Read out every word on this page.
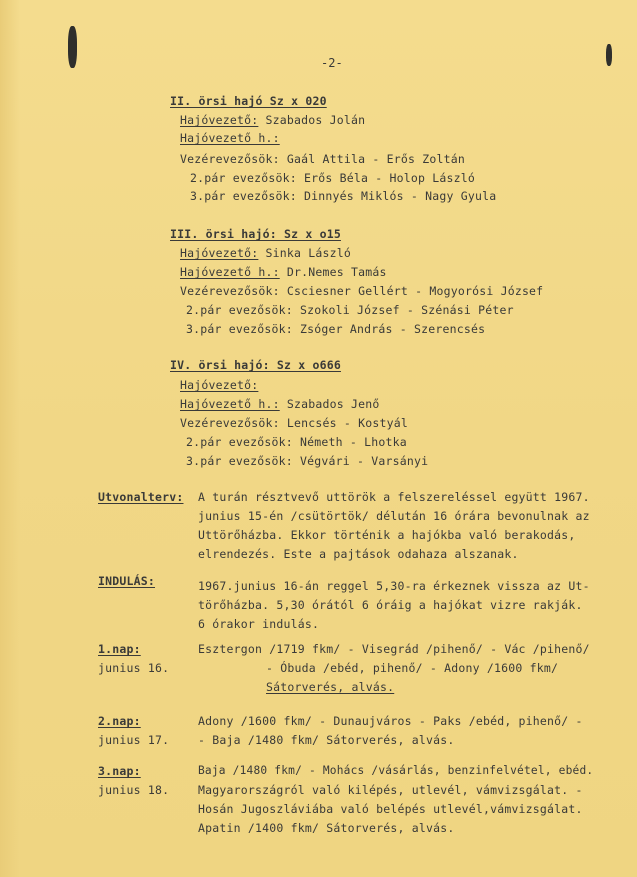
-2-
II. örsi hajó Sz x 020
Hajóvezető: Szabados Jolán
Hajóvezető h.:
Vezérevezősök: Gaál Attila - Erős Zoltán
2.pár evezősök: Erős Béla - Holop László
3.pár evezősök: Dinnyés Miklós - Nagy Gyula
III. örsi hajó: Sz x o15
Hajóvezető: Sinka László
Hajóvezető h.: Dr.Nemes Tamás
Vezérevezősök: Csciesner Gellért - Mogyorósi József
2.pár evezősök: Szokoli József - Szénási Péter
3.pár evezősök: Zsóger András - Szerencsés
IV. örsi hajó: Sz x o666
Hajóvezető:
Hajóvezető h.: Szabados Jenő
Vezérevezősök: Lencsés - Kostyál
2.pár evezősök: Németh - Lhotka
3.pár evezősök: Végvári - Varsányi
Utvonalterv: A turán résztvevő uttörök a felszereléssel együtt 1967.
junius 15-én /csütörtök/ délután 16 órára bevonulnak az
Uttörőházba. Ekkor történik a hajókba való berakodás,
elrendezés. Este a pajtások odahaza alszanak.
INDULÁS:	1967.junius 16-án reggel 5,30-ra érkeznek vissza az Ut-
törőházba. 5,30 órától 6 óráig a hajókat vizre rakják.
6 órakor indulás.
1.nap:
junius 16.
Esztergon /1719 fkm/ - Visegrád /pihenő/ - Vác /pihenő/
- Óbuda /ebéd, pihenő/ - Adony /1600 fkm/
Sátorverés, alvás.
2.nap:
junius 17.
Adony /1600 fkm/ - Dunaujváros - Paks /ebéd, pihenő/ -
- Baja /1480 fkm/ Sátorverés, alvás.
3.nap:
junius 18.
Baja /1480 fkm/ - Mohács /vásárlás, benzinfelvétel, ebéd.
Magyarországról való kilépés, utlevél, vámvizsgálat. -
Hosán Jugoszláviába való belépés utlevél,vámvizsgálat.
Apatin /1400 fkm/ Sátorverés, alvás.
